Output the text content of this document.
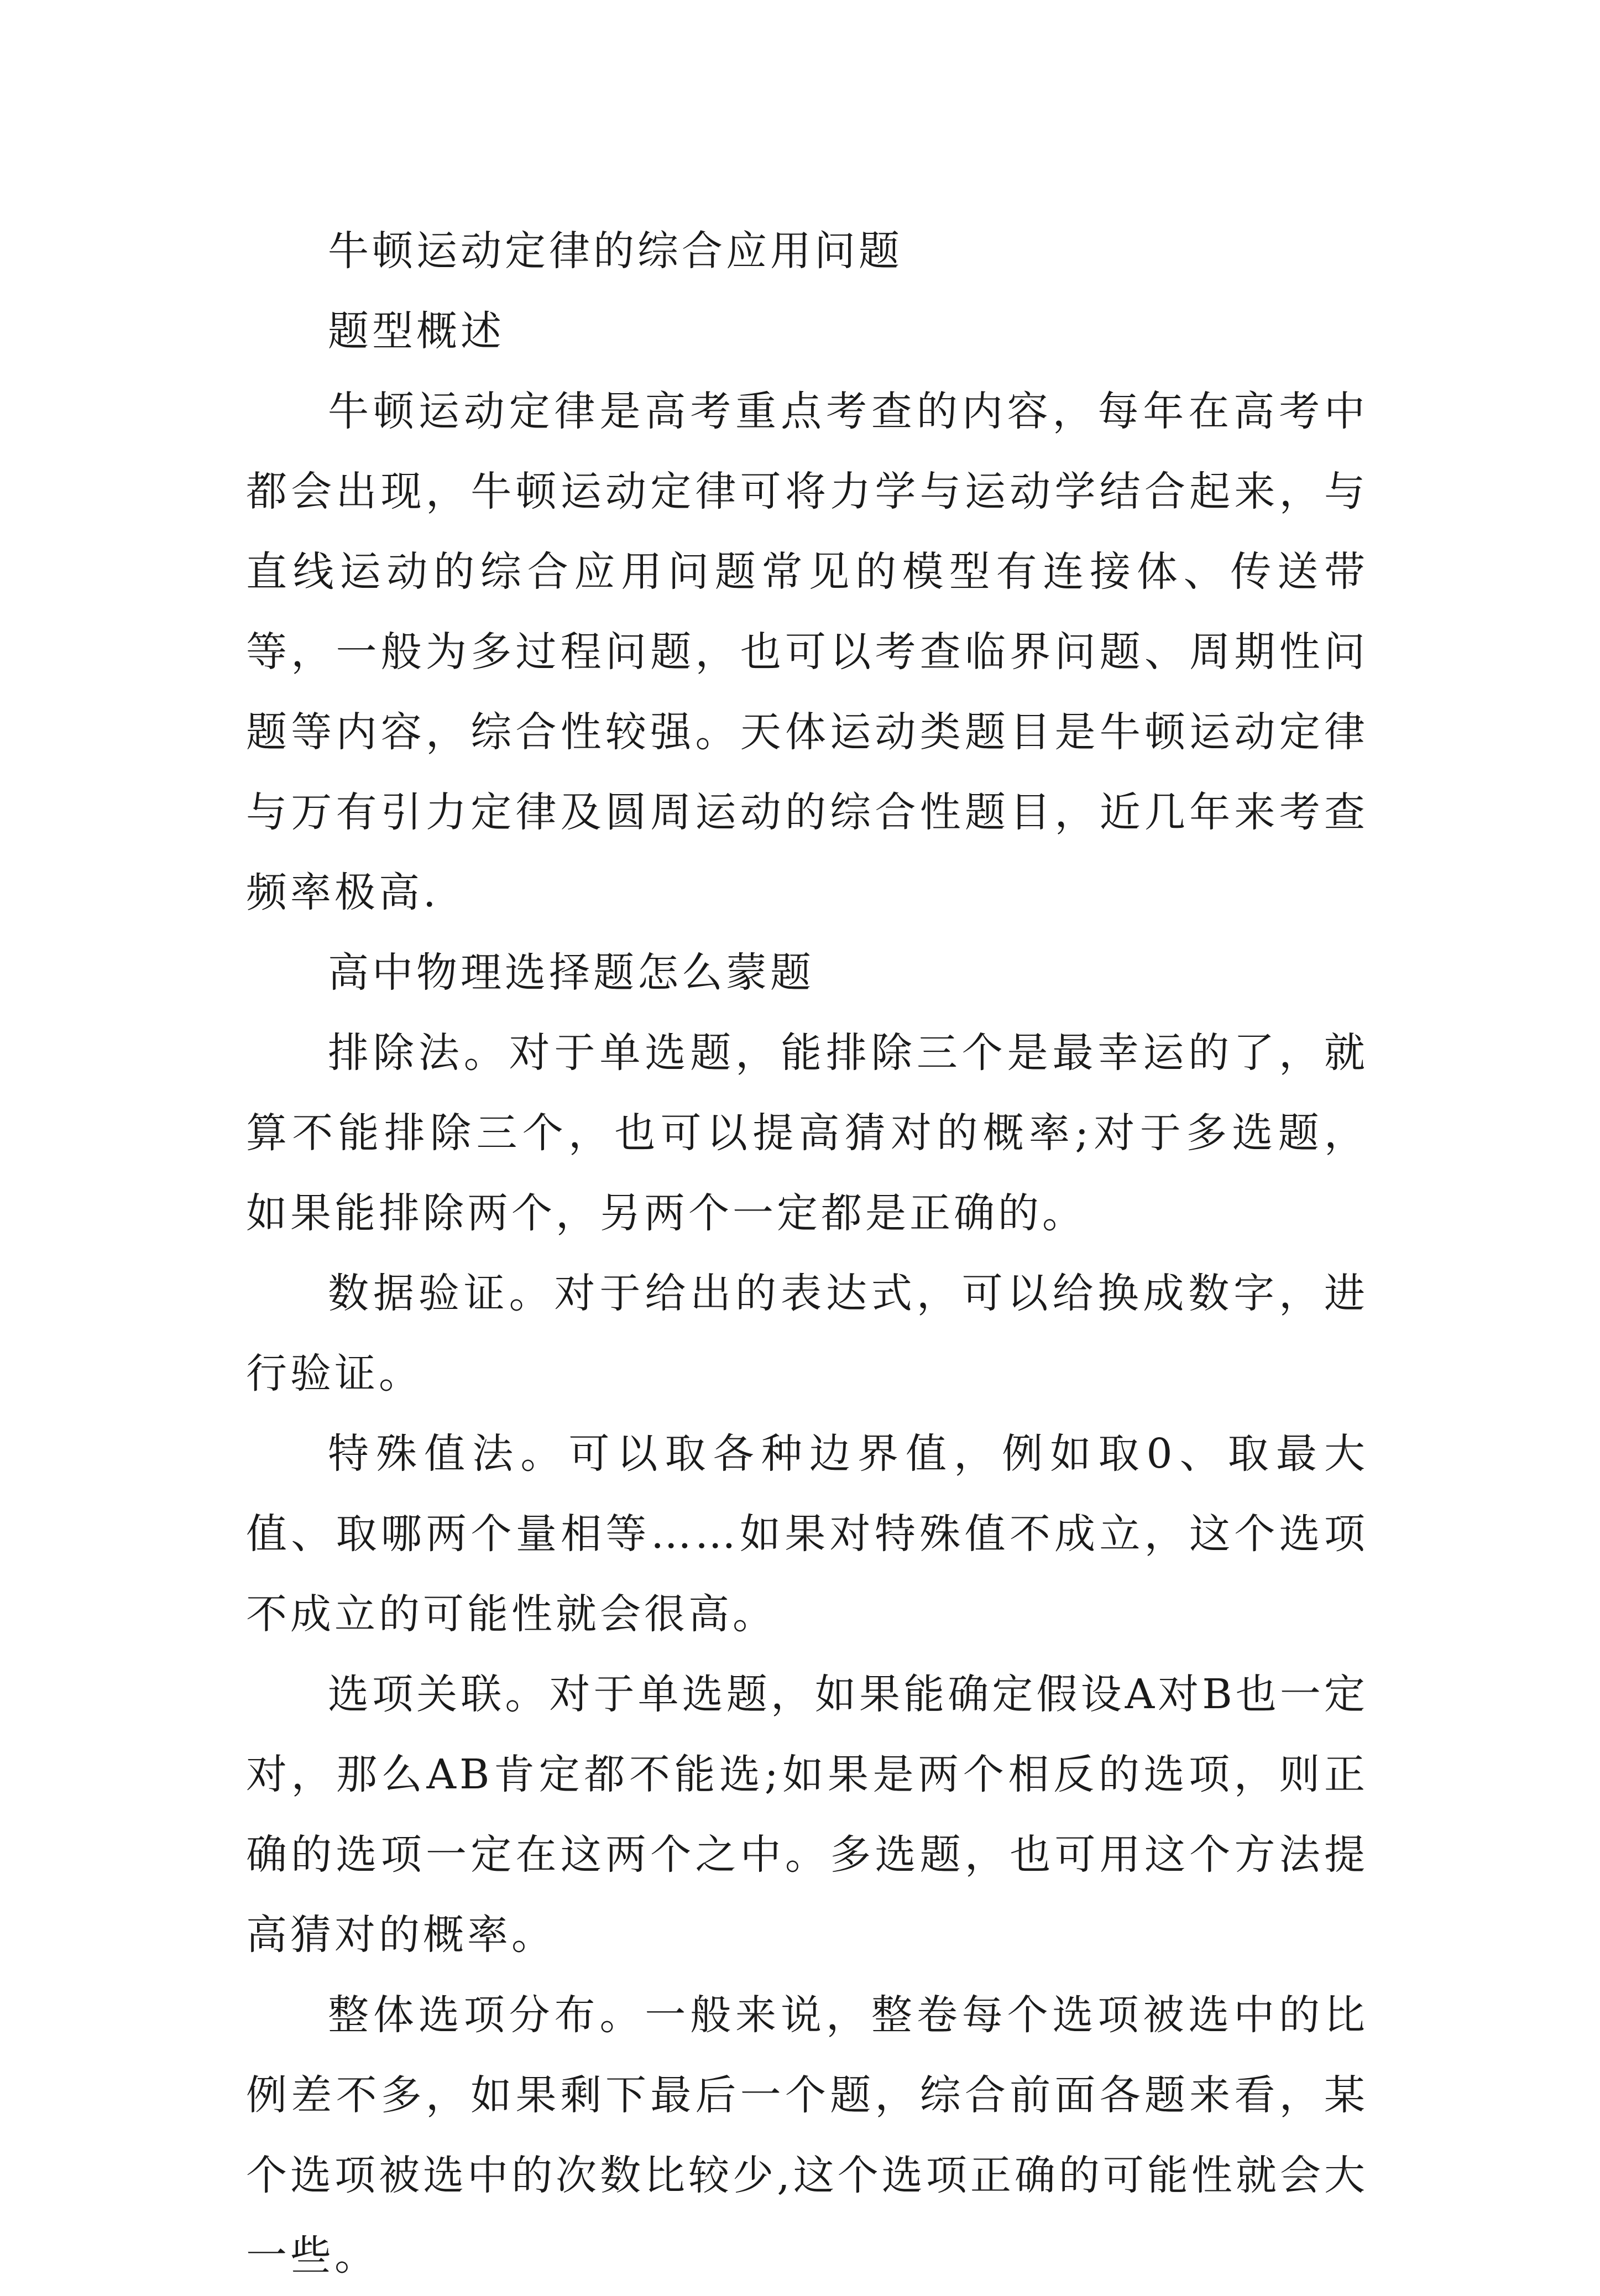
牛顿运动定律的综合应用问题

题型概述

牛顿运动定律是高考重点考查的内容，每年在高考中都会出现，牛顿运动定律可将力学与运动学结合起来，与直线运动的综合应用问题常见的模型有连接体、传送带等，一般为多过程问题，也可以考查临界问题、周期性问题等内容，综合性较强。天体运动类题目是牛顿运动定律与万有引力定律及圆周运动的综合性题目，近几年来考查频率极高.

高中物理选择题怎么蒙题

排除法。对于单选题，能排除三个是最幸运的了，就算不能排除三个，也可以提高猜对的概率;对于多选题，如果能排除两个，另两个一定都是正确的。

数据验证。对于给出的表达式，可以给换成数字，进行验证。

特殊值法。可以取各种边界值，例如取0、取最大值、取哪两个量相等……如果对特殊值不成立，这个选项不成立的可能性就会很高。

选项关联。对于单选题，如果能确定假设A对B也一定对，那么AB肯定都不能选;如果是两个相反的选项，则正确的选项一定在这两个之中。多选题，也可用这个方法提高猜对的概率。

整体选项分布。一般来说，整卷每个选项被选中的比例差不多，如果剩下最后一个题，综合前面各题来看，某个选项被选中的次数比较少,这个选项正确的可能性就会大一些。
